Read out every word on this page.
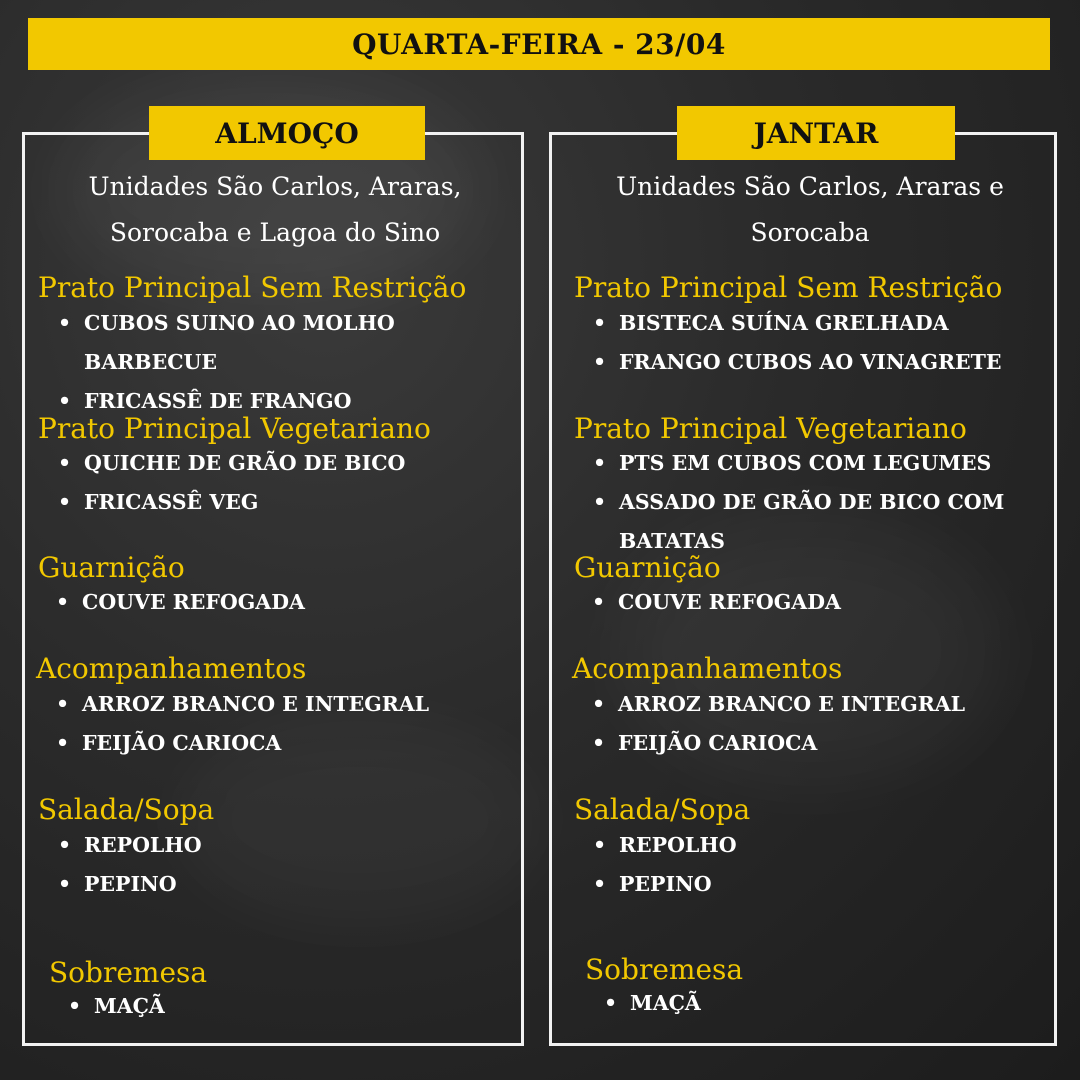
QUARTA-FEIRA - 23/04
ALMOÇO
Unidades São Carlos, Araras,
Sorocaba e Lagoa do Sino
Prato Principal Sem Restrição
• CUBOS SUINO AO MOLHO
BARBECUE
• FRICASSÊ DE FRANGO
Prato Principal Vegetariano
• QUICHE DE GRÃO DE BICO
• FRICASSÊ VEG
Guarnição
• COUVE REFOGADA
Acompanhamentos
• ARROZ BRANCO E INTEGRAL
• FEIJÃO CARIOCA
Salada/Sopa
• REPOLHO
• PEPINO
Sobremesa
• MAÇÃ
JANTAR
Unidades São Carlos, Araras e
Sorocaba
Prato Principal Sem Restrição
• BISTECA SUÍNA GRELHADA
• FRANGO CUBOS AO VINAGRETE
Prato Principal Vegetariano
• PTS EM CUBOS COM LEGUMES
• ASSADO DE GRÃO DE BICO COM
BATATAS
Guarnição
• COUVE REFOGADA
Acompanhamentos
• ARROZ BRANCO E INTEGRAL
• FEIJÃO CARIOCA
Salada/Sopa
• REPOLHO
• PEPINO
Sobremesa
• MAÇÃ
